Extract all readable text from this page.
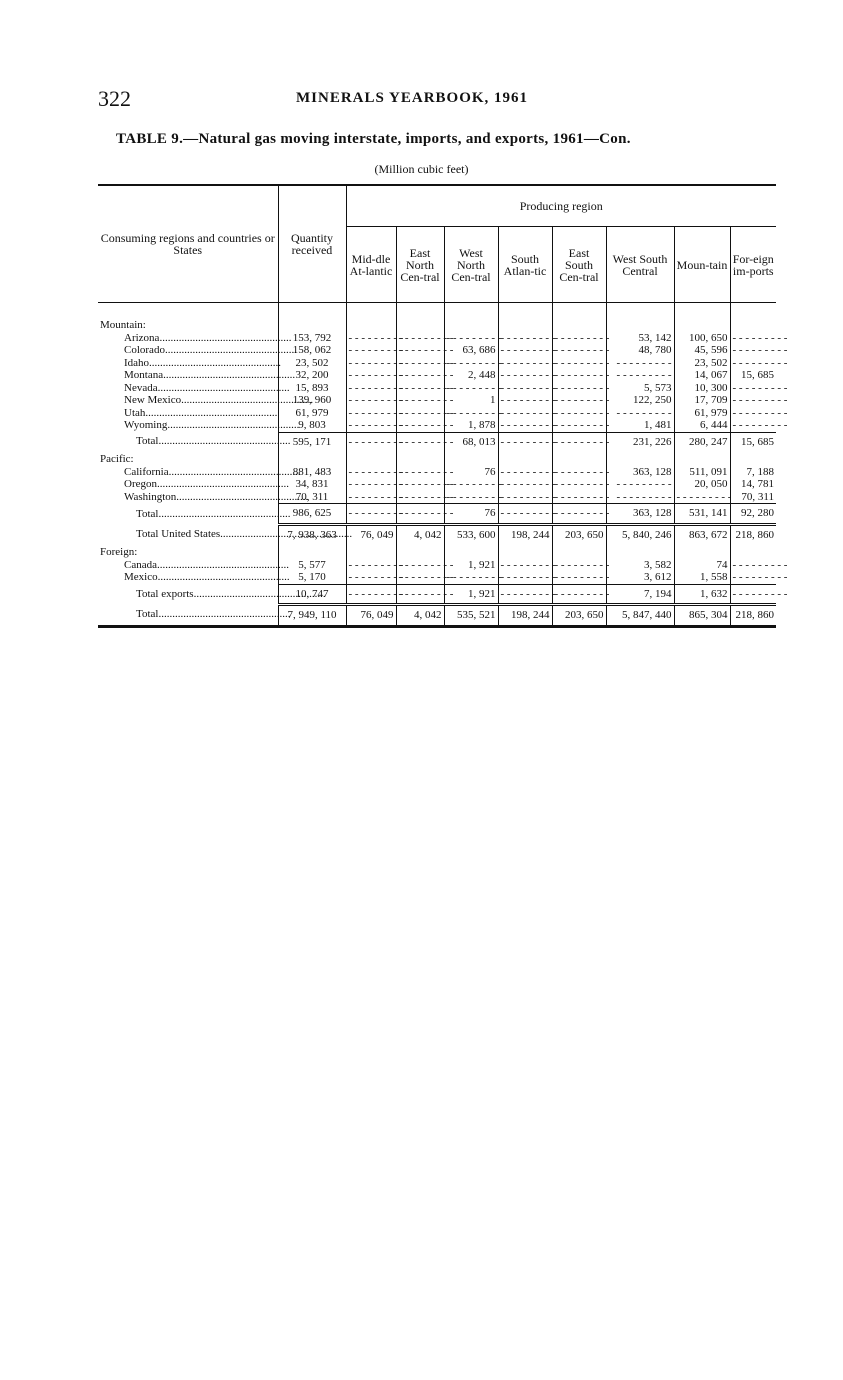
322	MINERALS YEARBOOK, 1961
TABLE 9.—Natural gas moving interstate, imports, and exports, 1961—Con.
(Million cubic feet)
Consuming regions and countries or States	Quantity received	Producing region							
		Mid-dle At-lantic	East North Cen-tral	West North Cen-tral	South Atlan-tic	East South Cen-tral	West South Central	Moun-tain	For-eign im-ports

Mountain:									
Arizona .....	153, 792	- - - - - - - - -	- - - - - - - - -	- - - - - - - - -	- - - - - - - - -	- - - - - - - - -	53, 142	100, 650	- - - - - - - - -
Colorado .....	158, 062	- - - - - - - - -	- - - - - - - - -	63, 686	- - - - - - - - -	- - - - - - - - -	48, 780	45, 596	- - - - - - - - -
Idaho .....	23, 502	- - - - - - - - -	- - - - - - - - -	- - - - - - - - -	- - - - - - - - -	- - - - - - - - -	- - - - - - - - -	23, 502	- - - - - - - - -
Montana .....	32, 200	- - - - - - - - -	- - - - - - - - -	2, 448	- - - - - - - - -	- - - - - - - - -	- - - - - - - - -	14, 067	15, 685
Nevada .....	15, 893	- - - - - - - - -	- - - - - - - - -	- - - - - - - - -	- - - - - - - - -	- - - - - - - - -	5, 573	10, 300	- - - - - - - - -
New Mexico .....	139, 960	- - - - - - - - -	- - - - - - - - -	1	- - - - - - - - -	- - - - - - - - -	122, 250	17, 709	- - - - - - - - -
Utah .....	61, 979	- - - - - - - - -	- - - - - - - - -	- - - - - - - - -	- - - - - - - - -	- - - - - - - - -	- - - - - - - - -	61, 979	- - - - - - - - -
Wyoming .....	9, 803	- - - - - - - - -	- - - - - - - - -	1, 878	- - - - - - - - -	- - - - - - - - -	1, 481	6, 444	- - - - - - - - -
Total .....	595, 171	- - - - - - - - -	- - - - - - - - -	68, 013	- - - - - - - - -	- - - - - - - - -	231, 226	280, 247	15, 685
Pacific:									
California .....	881, 483	- - - - - - - - -	- - - - - - - - -	76	- - - - - - - - -	- - - - - - - - -	363, 128	511, 091	7, 188
Oregon .....	34, 831	- - - - - - - - -	- - - - - - - - -	- - - - - - - - -	- - - - - - - - -	- - - - - - - - -	- - - - - - - - -	20, 050	14, 781
Washington .....	70, 311	- - - - - - - - -	- - - - - - - - -	- - - - - - - - -	- - - - - - - - -	- - - - - - - - -	- - - - - - - - -	- - - - - - - - -	70, 311
Total .....	986, 625	- - - - - - - - -	- - - - - - - - -	76	- - - - - - - - -	- - - - - - - - -	363, 128	531, 141	92, 280
Total United States .....	7, 938, 363	76, 049	4, 042	533, 600	198, 244	203, 650	5, 840, 246	863, 672	218, 860
Foreign:									
Canada .....	5, 577	- - - - - - - - -	- - - - - - - - -	1, 921	- - - - - - - - -	- - - - - - - - -	3, 582	74	- - - - - - - - -
Mexico .....	5, 170	- - - - - - - - -	- - - - - - - - -	- - - - - - - - -	- - - - - - - - -	- - - - - - - - -	3, 612	1, 558	- - - - - - - - -
Total exports .....	10, 747	- - - - - - - - -	- - - - - - - - -	1, 921	- - - - - - - - -	- - - - - - - - -	7, 194	1, 632	- - - - - - - - -
Total .....	7, 949, 110	76, 049	4, 042	535, 521	198, 244	203, 650	5, 847, 440	865, 304	218, 860
